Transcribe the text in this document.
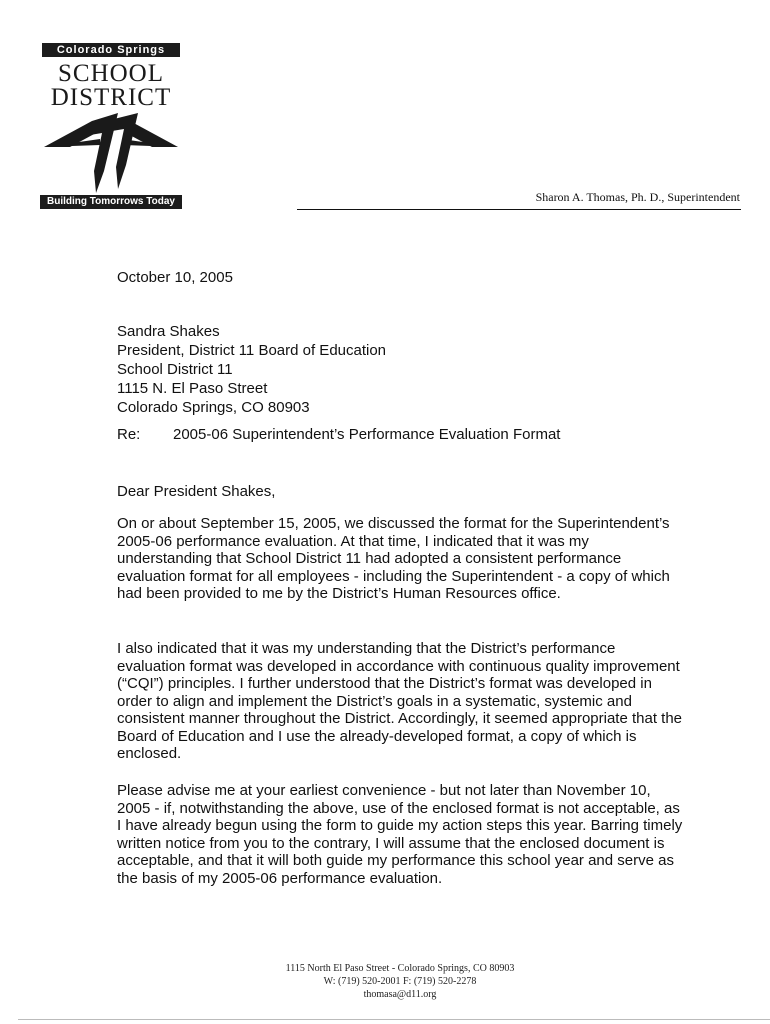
Colorado Springs
SCHOOL
DISTRICT
Building Tomorrows Today	Sharon A. Thomas, Ph. D., Superintendent
October 10, 2005
Sandra Shakes
President, District 11 Board of Education
School District 11
1115 N. El Paso Street
Colorado Springs, CO 80903
Re: 2005-06 Superintendent’s Performance Evaluation Format
Dear President Shakes,

On or about September 15, 2005, we discussed the format for the Superintendent’s 2005-06 performance evaluation. At that time, I indicated that it was my understanding that School District 11 had adopted a consistent performance evaluation format for all employees - including the Superintendent - a copy of which had been provided to me by the District’s Human Resources office.

I also indicated that it was my understanding that the District’s performance evaluation format was developed in accordance with continuous quality improvement (“CQI”) principles. I further understood that the District’s format was developed in order to align and implement the District’s goals in a systematic, systemic and consistent manner throughout the District. Accordingly, it seemed appropriate that the Board of Education and I use the already-developed format, a copy of which is enclosed.

Please advise me at your earliest convenience - but not later than November 10, 2005 - if, notwithstanding the above, use of the enclosed format is not acceptable, as I have already begun using the form to guide my action steps this year. Barring timely written notice from you to the contrary, I will assume that the enclosed document is acceptable, and that it will both guide my performance this school year and serve as the basis of my 2005-06 performance evaluation.

1115 North El Paso Street - Colorado Springs, CO 80903
W: (719) 520-2001 F: (719) 520-2278
thomasa@d11.org
